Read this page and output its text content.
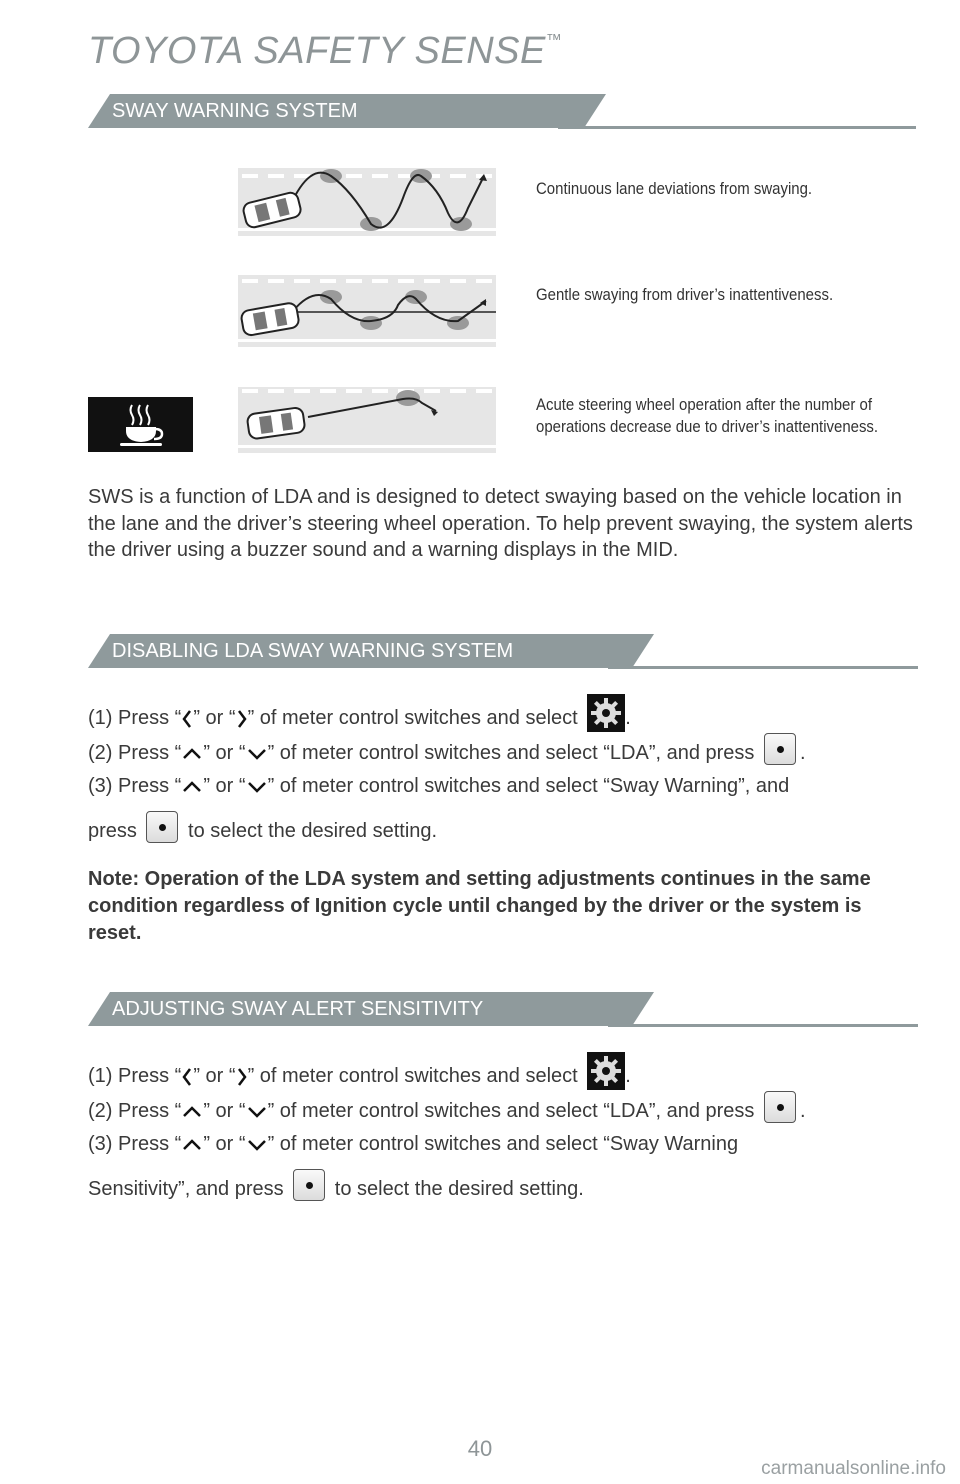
TOYOTA SAFETY SENSE™
SWAY WARNING SYSTEM
Continuous lane deviations from swaying.
Gentle swaying from driver’s inattentiveness.
Acute steering wheel operation after the number of operations decrease due to driver’s inattentiveness.
SWS is a function of LDA and is designed to detect swaying based on the vehicle location in the lane and the driver’s steering wheel operation. To help prevent swaying, the system alerts the driver using a buzzer sound and a warning displays in the MID.
DISABLING LDA SWAY WARNING SYSTEM
(1) Press “ ” or “ ” of meter control switches and select .
(2) Press “ ” or “ ” of meter control switches and select “LDA”, and press .
(3) Press “ ” or “ ” of meter control switches and select “Sway Warning”, and
press  to select the desired setting.
Note: Operation of the LDA system and setting adjustments continues in the same condition regardless of Ignition cycle until changed by the driver or the system is reset.
ADJUSTING SWAY ALERT SENSITIVITY
(1) Press “ ” or “ ” of meter control switches and select .
(2) Press “ ” or “ ” of meter control switches and select “LDA”, and press .
(3) Press “ ” or “ ” of meter control switches and select “Sway Warning
Sensitivity”, and press  to select the desired setting.
40
carmanualsonline.info
